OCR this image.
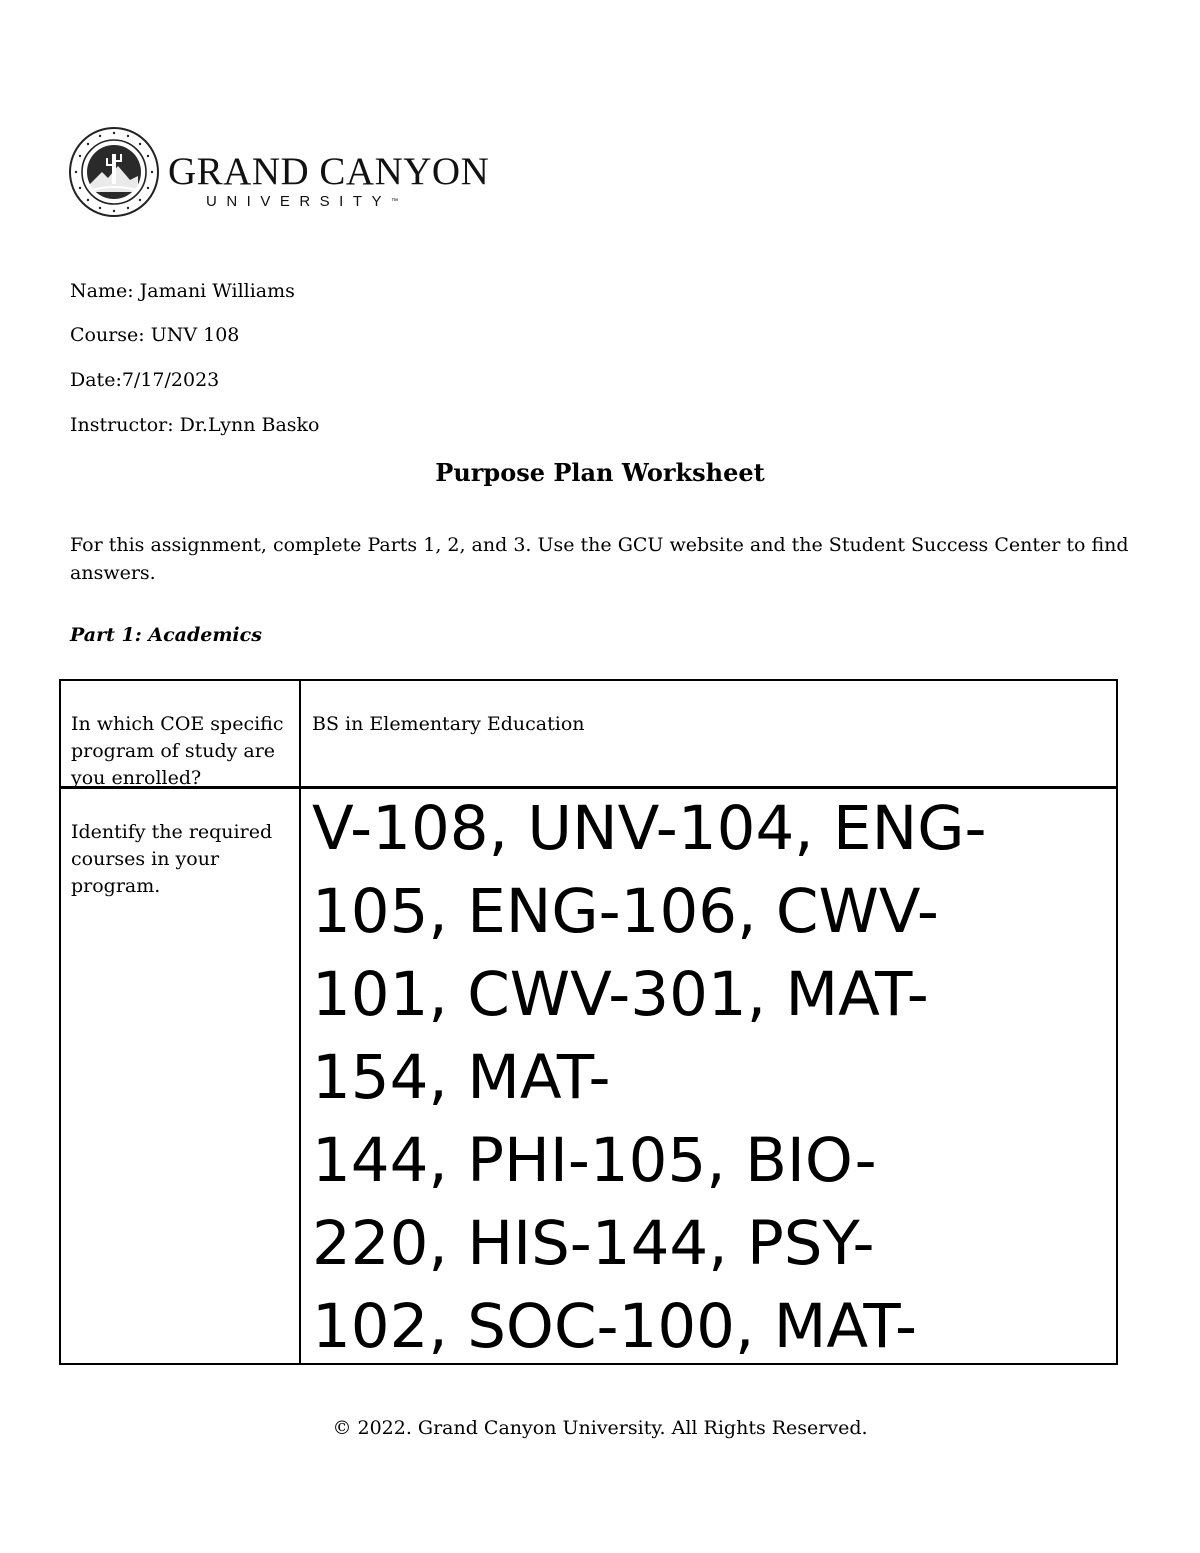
GRAND CANYON
UNIVERSITY™
Name: Jamani Williams
Course: UNV 108
Date:7/17/2023
Instructor: Dr.Lynn Basko
Purpose Plan Worksheet
For this assignment, complete Parts 1, 2, and 3. Use the GCU website and the Student Success Center to find answers.
Part 1: Academics
In which COE specific program of study are you enrolled?
BS in Elementary Education
Identify the required courses in your program.
V-108, UNV-104, ENG-
105, ENG-106, CWV-
101, CWV-301, MAT-
154, MAT-
144, PHI-105, BIO-
220, HIS-144, PSY-
102, SOC-100, MAT-
© 2022. Grand Canyon University. All Rights Reserved.
